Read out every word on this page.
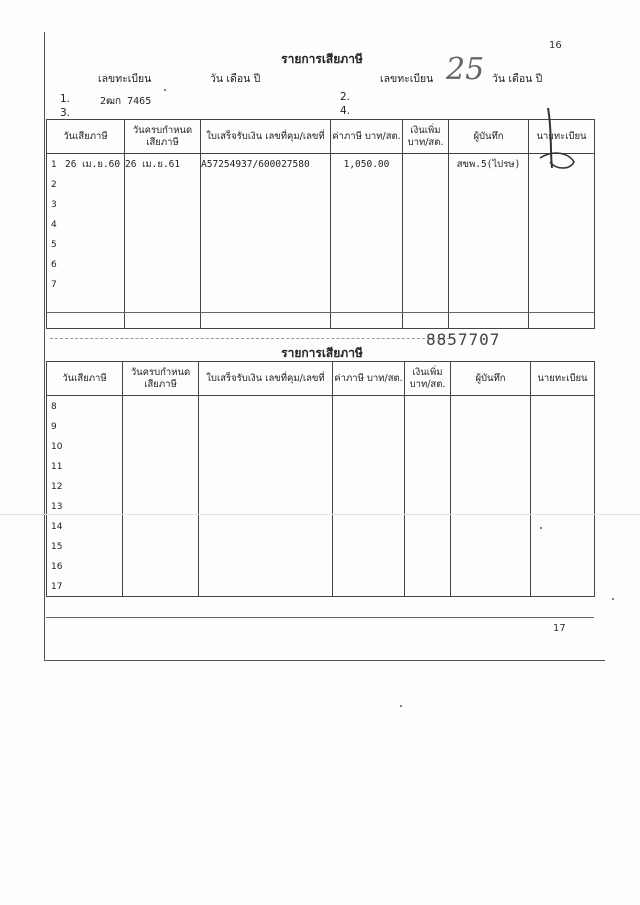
16
รายการเสียภาษี
เลขทะเบียน	วัน เดือน ปี	เลขทะเบียน 25 วัน เดือน ปี
1.	2ฒก 7465	2.
3.	4.
วันเสียภาษี	วันครบกำหนด เสียภาษี	ใบเสร็จรับเงิน เลขที่คุม/เลขที่	ค่าภาษี บาท/สต.	เงินเพิ่ม บาท/สต.	ผู้บันทึก	นายทะเบียน
1 26 เม.ย.60	26 เม.ย.61	A57254937/600027580	1,050.00		สขพ.5(ไปรษ)	
2						
3						
4						
5						
6						
7						

8857707
รายการเสียภาษี
วันเสียภาษี	วันครบกำหนด เสียภาษี	ใบเสร็จรับเงิน เลขที่คุม/เลขที่	ค่าภาษี บาท/สต.	เงินเพิ่ม บาท/สต.	ผู้บันทึก	นายทะเบียน
8						
9						
10						
11						
12						
13						
14						
15						
16						
17						
17
